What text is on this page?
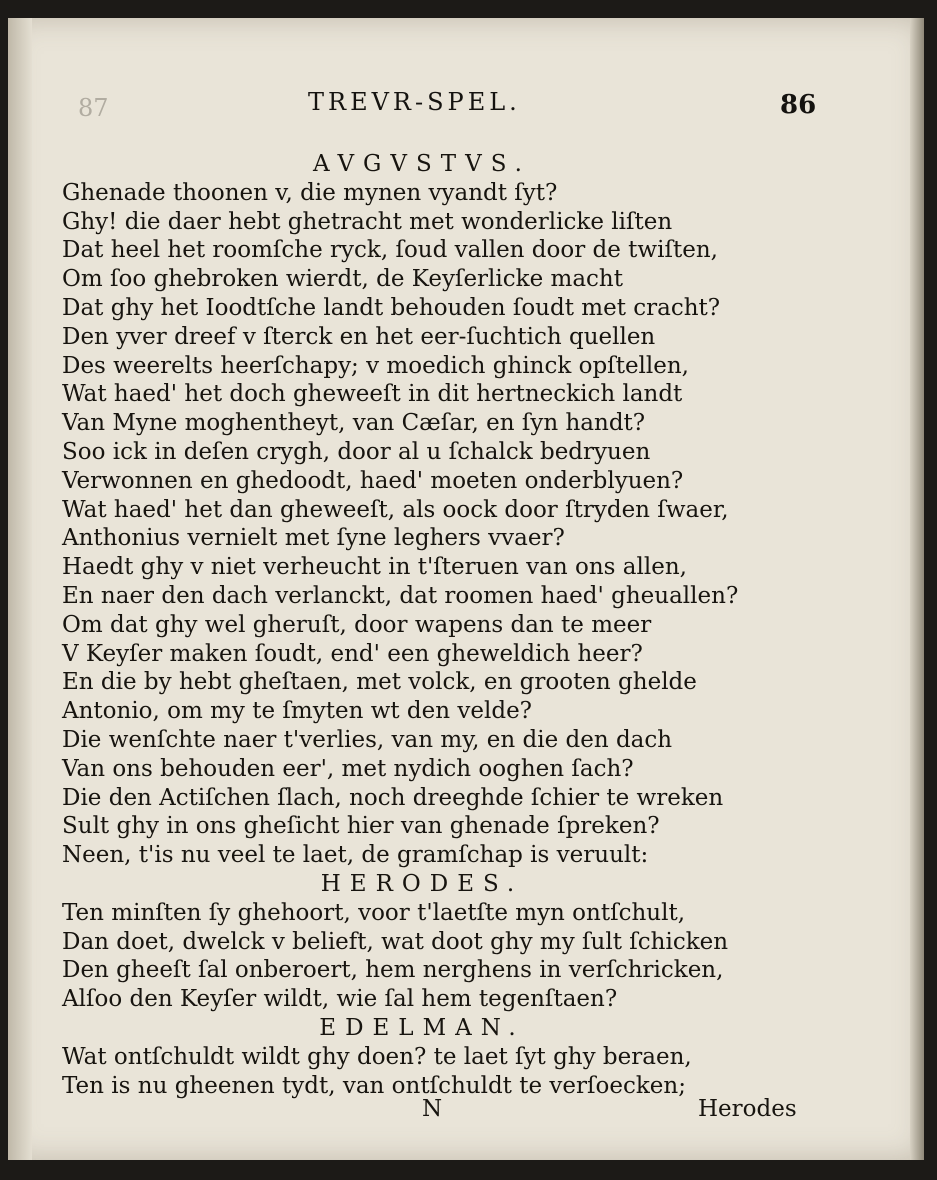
87	TREVR-SPEL.	86
AVGVSTVS.
Ghenade thoonen v, die mynen vyandt ſyt?
Ghy! die daer hebt ghetracht met wonderlicke liſten
Dat heel het roomſche ryck, ſoud vallen door de twiſten,
Om ſoo ghebroken wierdt, de Keyſerlicke macht
Dat ghy het Ioodtſche landt behouden ſoudt met cracht?
Den yver dreef v ſterck en het eer-ſuchtich quellen
Des weerelts heerſchapy; v moedich ghinck opſtellen,
Wat haed' het doch gheweeſt in dit hertneckich landt
Van Myne moghentheyt, van Cæſar, en ſyn handt?
Soo ick in deſen crygh, door al u ſchalck bedryuen
Verwonnen en ghedoodt, haed' moeten onderblyuen?
Wat haed' het dan gheweeſt, als oock door ſtryden ſwaer,
Anthonius vernielt met ſyne leghers vvaer?
Haedt ghy v niet verheucht in t'ſteruen van ons allen,
En naer den dach verlanckt, dat roomen haed' gheuallen?
Om dat ghy wel gheruſt, door wapens dan te meer
V Keyſer maken ſoudt, end' een gheweldich heer?
En die by hebt gheſtaen, met volck, en grooten ghelde
Antonio, om my te ſmyten wt den velde?
Die wenſchte naer t'verlies, van my, en die den dach
Van ons behouden eer', met nydich ooghen ſach?
Die den Actiſchen ſlach, noch dreeghde ſchier te wreken
Sult ghy in ons gheſicht hier van ghenade ſpreken?
Neen, t'is nu veel te laet, de gramſchap is veruult:
HERODES.
Ten minſten ſy ghehoort, voor t'laetſte myn ontſchult,
Dan doet, dwelck v belieft, wat doot ghy my ſult ſchicken
Den gheeſt ſal onberoert, hem nerghens in verſchricken,
Alſoo den Keyſer wildt, wie ſal hem tegenſtaen?
EDELMAN.
Wat ontſchuldt wildt ghy doen? te laet ſyt ghy beraen,
Ten is nu gheenen tydt, van ontſchuldt te verſoecken;
N	Herodes
